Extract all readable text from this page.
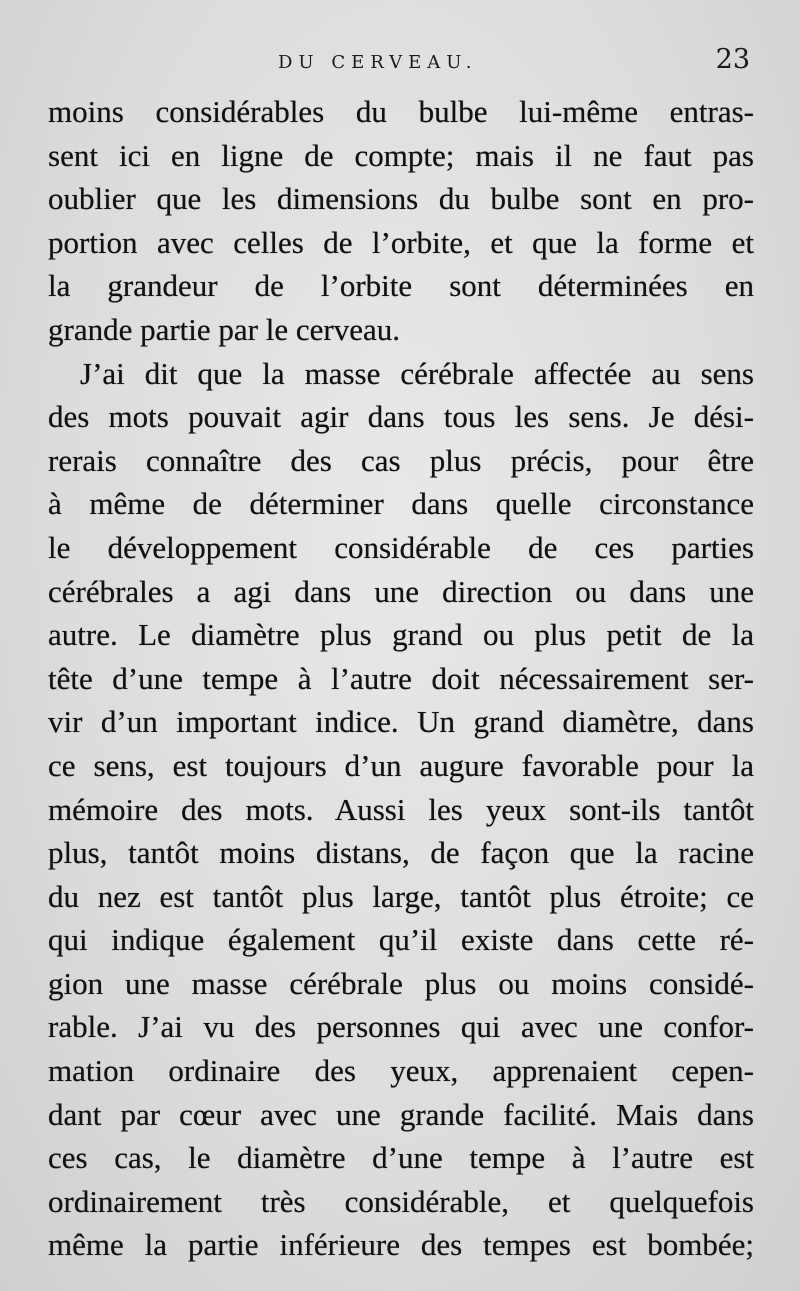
DU CERVEAU.	23
moins considérables du bulbe lui-même entras-
sent ici en ligne de compte; mais il ne faut pas
oublier que les dimensions du bulbe sont en pro-
portion avec celles de l’orbite, et que la forme et
la grandeur de l’orbite sont déterminées en
grande partie par le cerveau.
J’ai dit que la masse cérébrale affectée au sens
des mots pouvait agir dans tous les sens. Je dési-
rerais connaître des cas plus précis, pour être
à même de déterminer dans quelle circonstance
le développement considérable de ces parties
cérébrales a agi dans une direction ou dans une
autre. Le diamètre plus grand ou plus petit de la
tête d’une tempe à l’autre doit nécessairement ser-
vir d’un important indice. Un grand diamètre, dans
ce sens, est toujours d’un augure favorable pour la
mémoire des mots. Aussi les yeux sont-ils tantôt
plus, tantôt moins distans, de façon que la racine
du nez est tantôt plus large, tantôt plus étroite; ce
qui indique également qu’il existe dans cette ré-
gion une masse cérébrale plus ou moins considé-
rable. J’ai vu des personnes qui avec une confor-
mation ordinaire des yeux, apprenaient cepen-
dant par cœur avec une grande facilité. Mais dans
ces cas, le diamètre d’une tempe à l’autre est
ordinairement très considérable, et quelquefois
même la partie inférieure des tempes est bombée;
